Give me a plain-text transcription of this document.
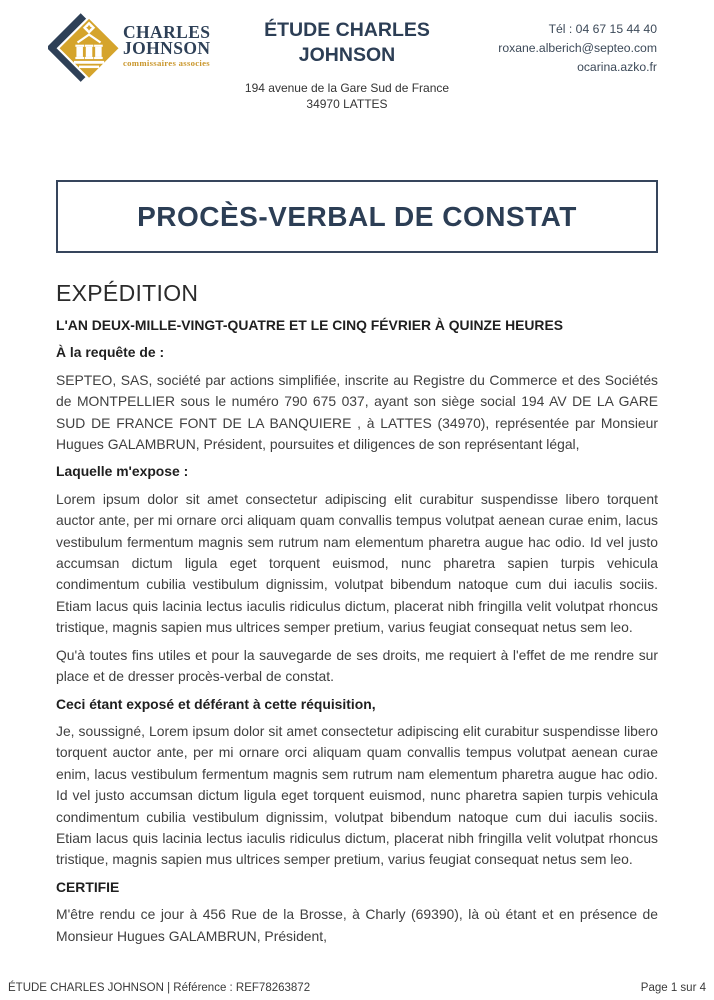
CHARLES
JOHNSON
commissaires associes
ÉTUDE CHARLES
JOHNSON
194 avenue de la Gare Sud de France
34970 LATTES
Tél : 04 67 15 44 40
roxane.alberich@septeo.com
ocarina.azko.fr
PROCÈS-VERBAL DE CONSTAT
EXPÉDITION
L'AN DEUX-MILLE-VINGT-QUATRE ET LE CINQ FÉVRIER À QUINZE HEURES
À la requête de :

SEPTEO, SAS, société par actions simplifiée, inscrite au Registre du Commerce et des Sociétés de MONTPELLIER sous le numéro 790 675 037, ayant son siège social 194 AV DE LA GARE SUD DE FRANCE FONT DE LA BANQUIERE , à LATTES (34970), représentée par Monsieur Hugues GALAMBRUN, Président, poursuites et diligences de son représentant légal,

Laquelle m'expose :

Lorem ipsum dolor sit amet consectetur adipiscing elit curabitur suspendisse libero torquent auctor ante, per mi ornare orci aliquam quam convallis tempus volutpat aenean curae enim, lacus vestibulum fermentum magnis sem rutrum nam elementum pharetra augue hac odio. Id vel justo accumsan dictum ligula eget torquent euismod, nunc pharetra sapien turpis vehicula condimentum cubilia vestibulum dignissim, volutpat bibendum natoque cum dui iaculis sociis. Etiam lacus quis lacinia lectus iaculis ridiculus dictum, placerat nibh fringilla velit volutpat rhoncus tristique, magnis sapien mus ultrices semper pretium, varius feugiat consequat netus sem leo.

Qu'à toutes fins utiles et pour la sauvegarde de ses droits, me requiert à l'effet de me rendre sur place et de dresser procès-verbal de constat.

Ceci étant exposé et déférant à cette réquisition,

Je, soussigné, Lorem ipsum dolor sit amet consectetur adipiscing elit curabitur suspendisse libero torquent auctor ante, per mi ornare orci aliquam quam convallis tempus volutpat aenean curae enim, lacus vestibulum fermentum magnis sem rutrum nam elementum pharetra augue hac odio. Id vel justo accumsan dictum ligula eget torquent euismod, nunc pharetra sapien turpis vehicula condimentum cubilia vestibulum dignissim, volutpat bibendum natoque cum dui iaculis sociis. Etiam lacus quis lacinia lectus iaculis ridiculus dictum, placerat nibh fringilla velit volutpat rhoncus tristique, magnis sapien mus ultrices semper pretium, varius feugiat consequat netus sem leo.

CERTIFIE

M'être rendu ce jour à 456 Rue de la Brosse, à Charly (69390), là où étant et en présence de Monsieur Hugues GALAMBRUN, Président,

ÉTUDE CHARLES JOHNSON | Référence : REF78263872	Page 1 sur 4
